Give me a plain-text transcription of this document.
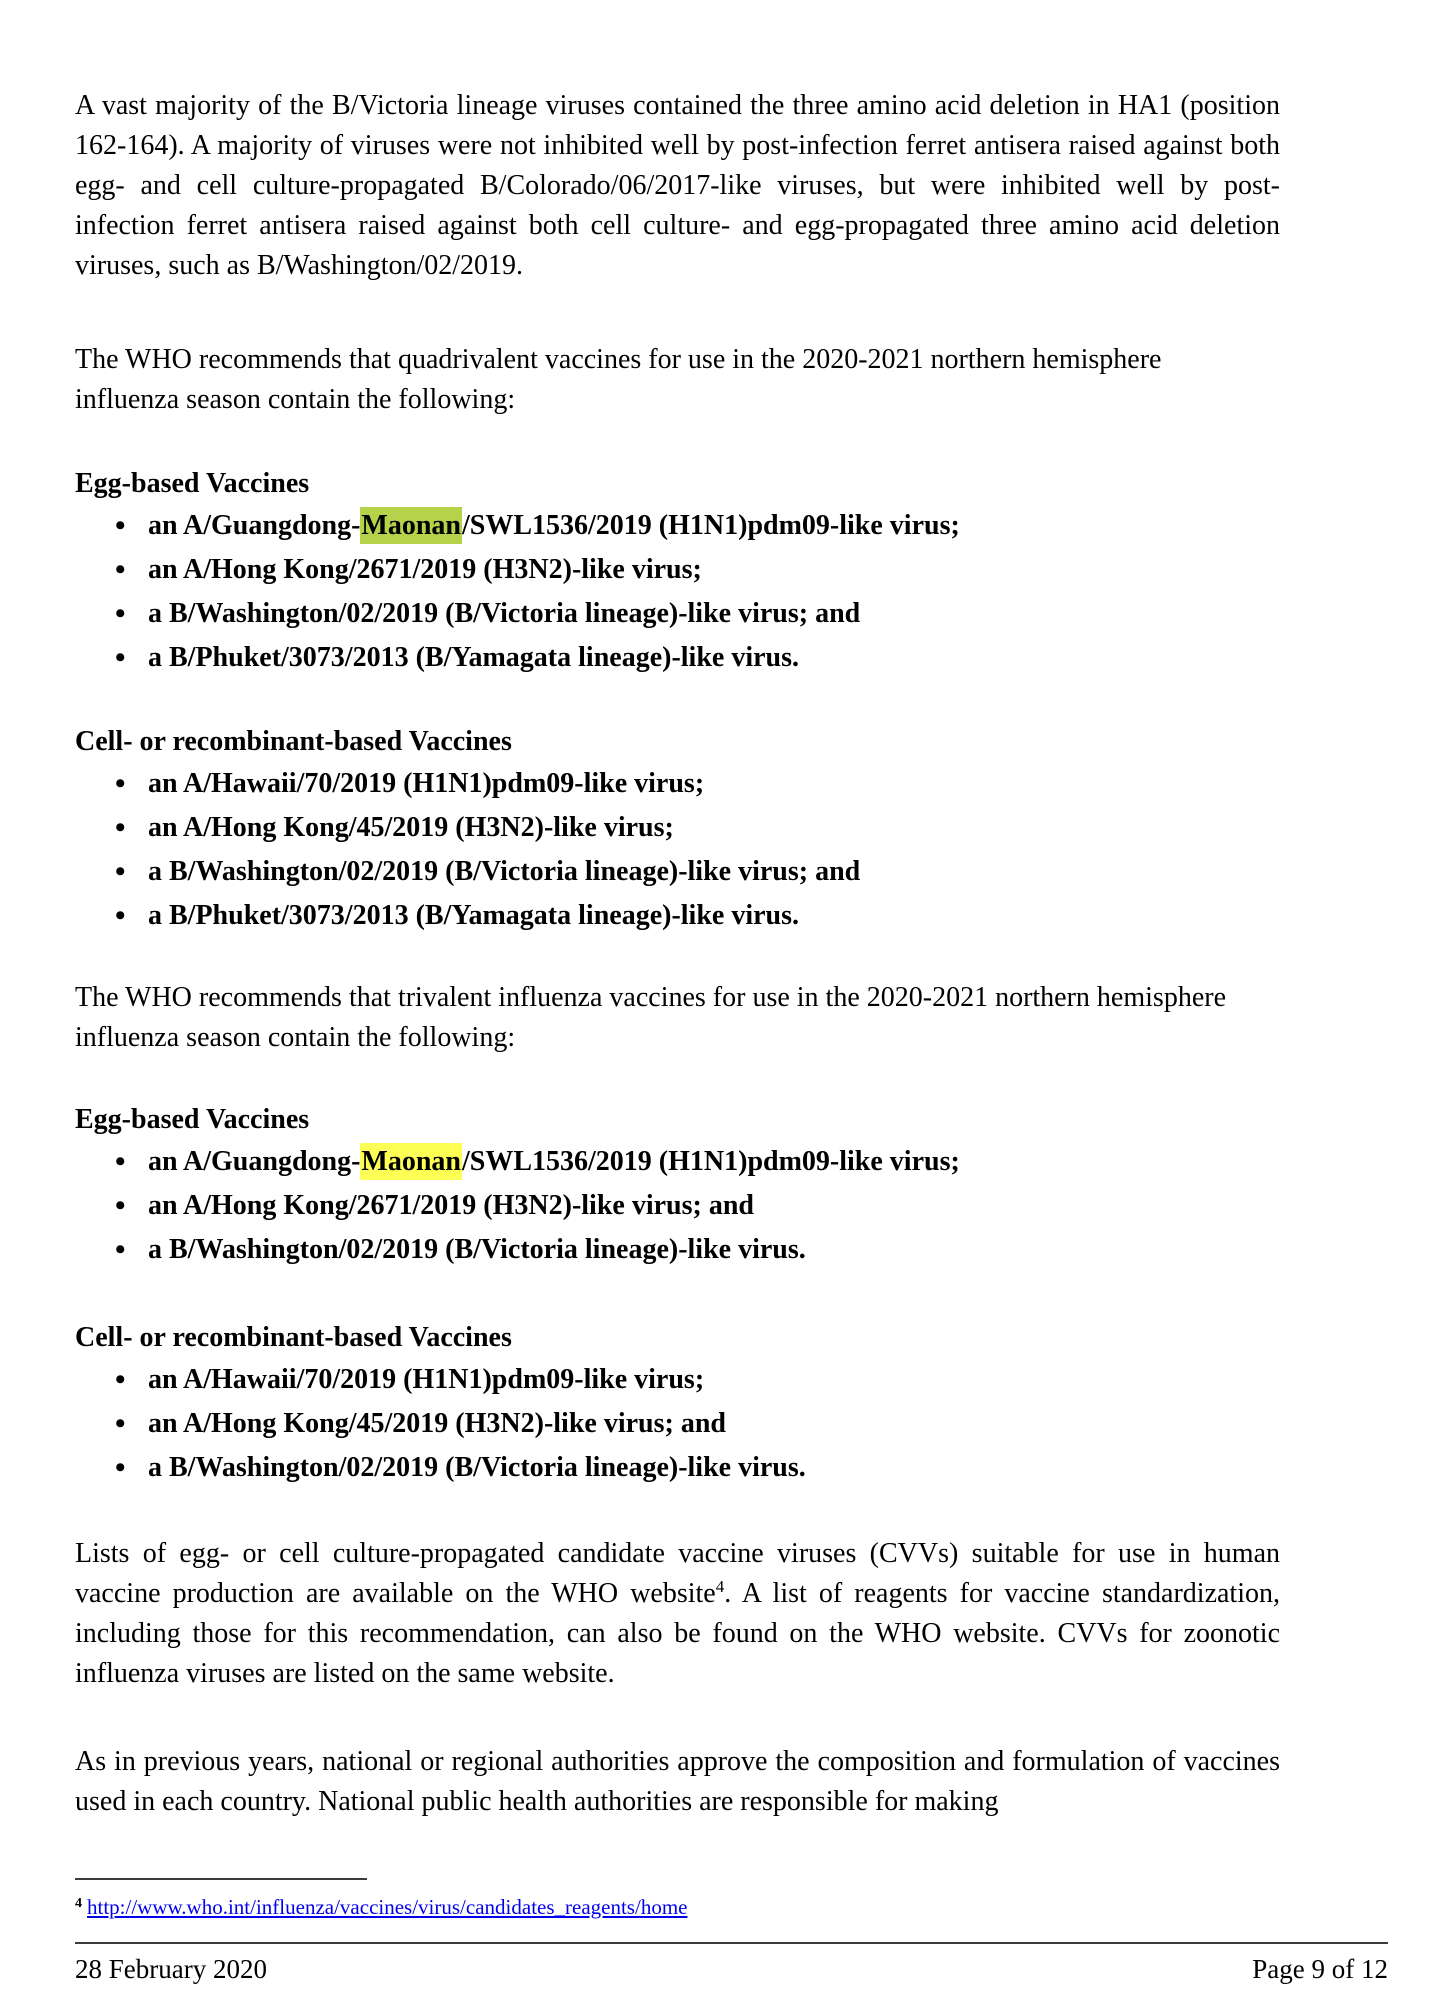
A vast majority of the B/Victoria lineage viruses contained the three amino acid deletion in HA1 (position 162-164). A majority of viruses were not inhibited well by post-infection ferret antisera raised against both egg- and cell culture-propagated B/Colorado/06/2017-like viruses, but were inhibited well by post-infection ferret antisera raised against both cell culture- and egg-propagated three amino acid deletion viruses, such as B/Washington/02/2019.

The WHO recommends that quadrivalent vaccines for use in the 2020-2021 northern hemisphere influenza season contain the following:

Egg-based Vaccines
• an A/Guangdong-Maonan/SWL1536/2019 (H1N1)pdm09-like virus;
• an A/Hong Kong/2671/2019 (H3N2)-like virus;
• a B/Washington/02/2019 (B/Victoria lineage)-like virus; and
• a B/Phuket/3073/2013 (B/Yamagata lineage)-like virus.
Cell- or recombinant-based Vaccines
• an A/Hawaii/70/2019 (H1N1)pdm09-like virus;
• an A/Hong Kong/45/2019 (H3N2)-like virus;
• a B/Washington/02/2019 (B/Victoria lineage)-like virus; and
• a B/Phuket/3073/2013 (B/Yamagata lineage)-like virus.

The WHO recommends that trivalent influenza vaccines for use in the 2020-2021 northern hemisphere influenza season contain the following:

Egg-based Vaccines
• an A/Guangdong-Maonan/SWL1536/2019 (H1N1)pdm09-like virus;
• an A/Hong Kong/2671/2019 (H3N2)-like virus; and
• a B/Washington/02/2019 (B/Victoria lineage)-like virus.
Cell- or recombinant-based Vaccines
• an A/Hawaii/70/2019 (H1N1)pdm09-like virus;
• an A/Hong Kong/45/2019 (H3N2)-like virus; and
• a B/Washington/02/2019 (B/Victoria lineage)-like virus.

Lists of egg- or cell culture-propagated candidate vaccine viruses (CVVs) suitable for use in human vaccine production are available on the WHO website$^4$. A list of reagents for vaccine standardization, including those for this recommendation, can also be found on the WHO website. CVVs for zoonotic influenza viruses are listed on the same website.

As in previous years, national or regional authorities approve the composition and formulation of vaccines used in each country. National public health authorities are responsible for making

$^4$ http://www.who.int/influenza/vaccines/virus/candidates_reagents/home
28 February 2020	Page 9 of 12
